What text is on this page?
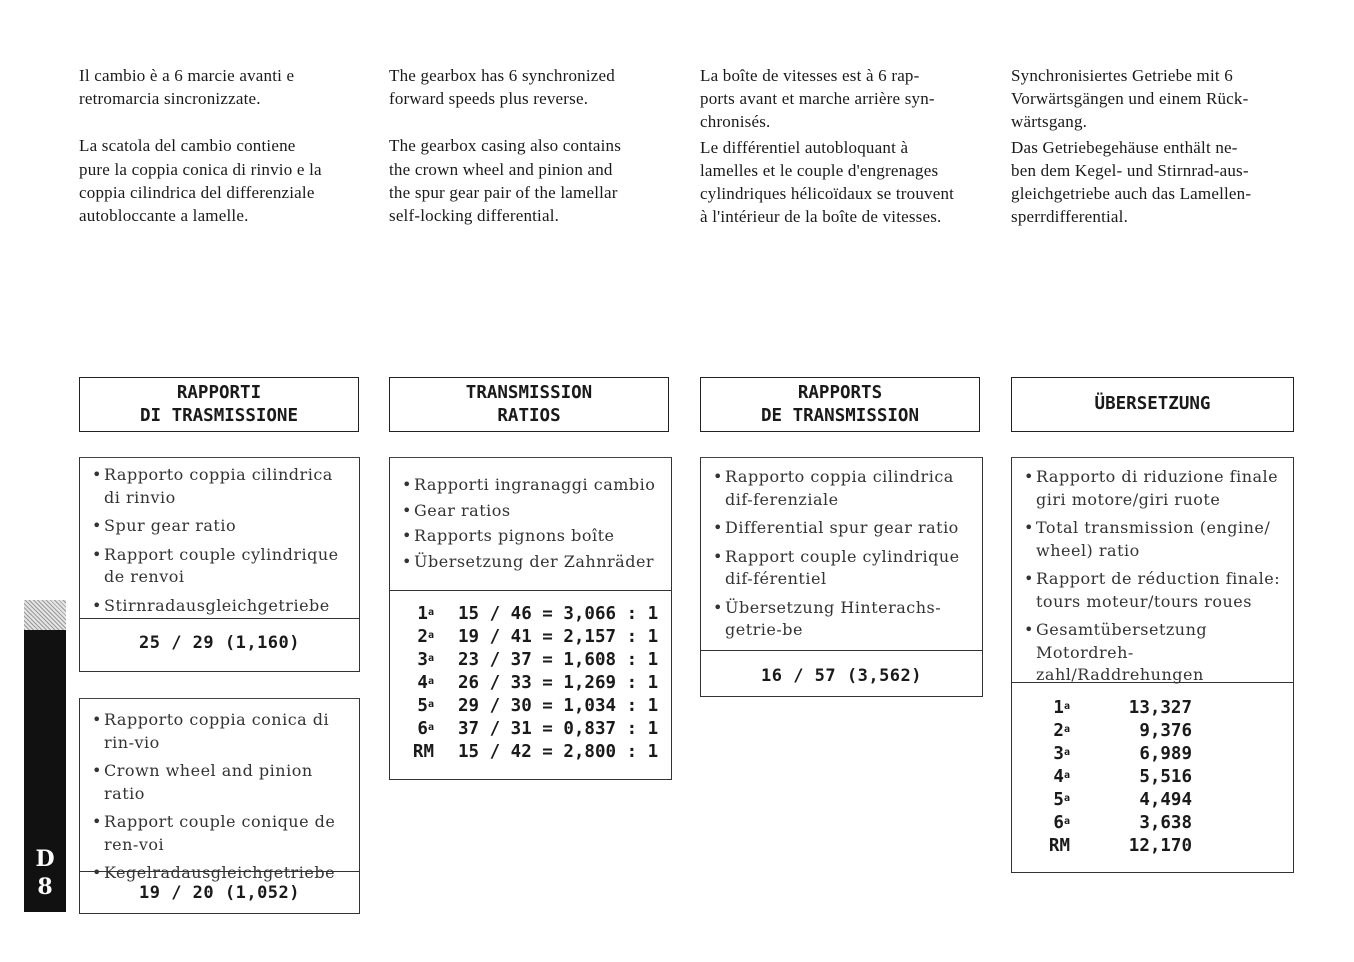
Il cambio è a 6 marcie avanti e
retromarcia sincronizzate.

La scatola del cambio contiene
pure la coppia conica di rinvio e la
coppia cilindrica del differenziale
autobloccante a lamelle.

The gearbox has 6 synchronized
forward speeds plus reverse.

The gearbox casing also contains
the crown wheel and pinion and
the spur gear pair of the lamellar
self-locking differential.

La boîte de vitesses est à 6 rap-
ports avant et marche arrière syn-
chronisés.

Le différentiel autobloquant à
lamelles et le couple d'engrenages
cylindriques hélicoïdaux se trouvent
à l'intérieur de la boîte de vitesses.

Synchronisiertes Getriebe mit 6
Vorwärtsgängen und einem Rück-
wärtsgang.

Das Getriebegehäuse enthält ne-
ben dem Kegel- und Stirnrad-aus-
gleichgetriebe auch das Lamellen-
sperrdifferential.

RAPPORTI
DI TRASMISSIONE
TRANSMISSION
RATIOS
RAPPORTS
DE TRANSMISSION
ÜBERSETZUNG
• Rapporto coppia cilindrica di rinvio
• Spur gear ratio
• Rapport couple cylindrique de renvoi
• Stirnradausgleichgetriebe
25 / 29 (1,160)
• Rapporto coppia conica di rin-vio
• Crown wheel and pinion ratio
• Rapport couple conique de ren-voi
• Kegelradausgleichgetriebe
19 / 20 (1,052)
• Rapporti ingranaggi cambio
• Gear ratios
• Rapports pignons boîte
• Übersetzung der Zahnräder
1$^a$	15 / 46 = 3,066 : 1
2$^a$	19 / 41 = 2,157 : 1
3$^a$	23 / 37 = 1,608 : 1
4$^a$	26 / 33 = 1,269 : 1
5$^a$	29 / 30 = 1,034 : 1
6$^a$	37 / 31 = 0,837 : 1
RM	15 / 42 = 2,800 : 1
• Rapporto coppia cilindrica dif-ferenziale
• Differential spur gear ratio
• Rapport couple cylindrique dif-férentiel
• Übersetzung Hinterachs-getrie-be
16 / 57 (3,562)
• Rapporto di riduzione finale giri motore/giri ruote
• Total transmission (engine/ wheel) ratio
• Rapport de réduction finale: tours moteur/tours roues
• Gesamtübersetzung Motordreh-zahl/Raddrehungen
1$^a$	13,327
2$^a$	9,376
3$^a$	6,989
4$^a$	5,516
5$^a$	4,494
6$^a$	3,638
RM	12,170
D
8
